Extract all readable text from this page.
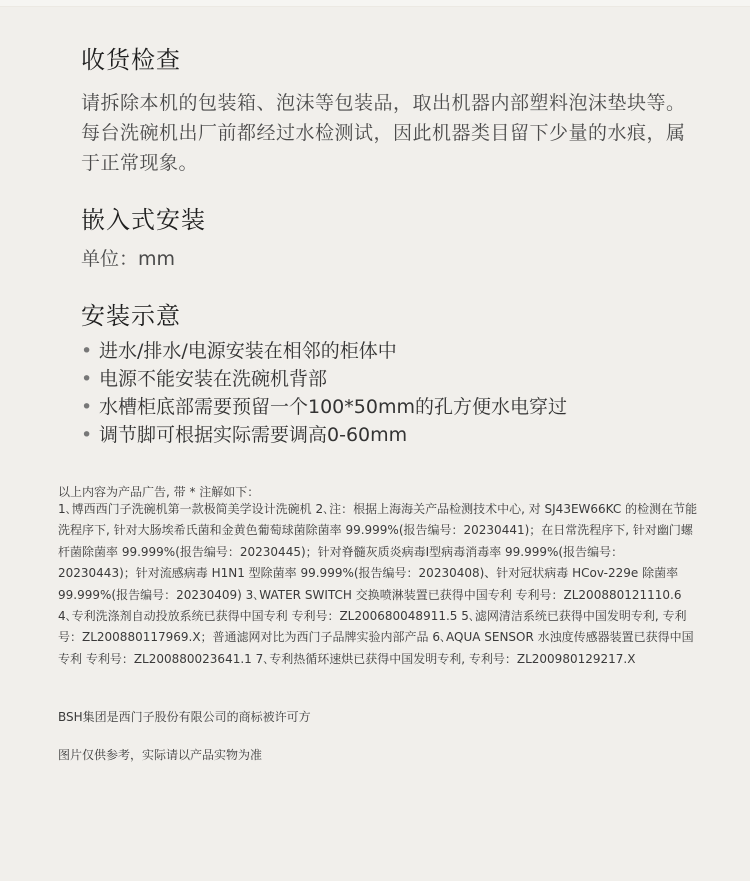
收货检查
请拆除本机的包装箱、泡沫等包装品，取出机器内部塑料泡沫垫块等。每台洗碗机出厂前都经过水检测试，因此机器类目留下少量的水痕，属于正常现象。
嵌入式安装
单位：mm
安装示意
• 进水/排水/电源安装在相邻的柜体中
• 电源不能安装在洗碗机背部
• 水槽柜底部需要预留一个100*50mm的孔方便水电穿过
• 调节脚可根据实际需要调高0-60mm
以上内容为产品广告, 带 * 注解如下：
1､博西西门子洗碗机第一款极简美学设计洗碗机 2､注：根据上海海关产品检测技术中心, 对 SJ43EW66KC 的检测在节能洗程序下, 针对大肠埃希氏菌和金黄色葡萄球菌除菌率 99.999%(报告编号：20230441)；在日常洗程序下, 针对幽门螺杆菌除菌率 99.999%(报告编号：20230445)；针对脊髓灰质炎病毒I型病毒消毒率 99.999%(报告编号：20230443)；针对流感病毒 H1N1 型除菌率 99.999%(报告编号：20230408)、针对冠状病毒 HCov-229e 除菌率 99.999%(报告编号：20230409) 3､WATER SWITCH 交换喷淋装置已获得中国专利 专利号：ZL200880121110.6 4､专利洗涤剂自动投放系统已获得中国专利 专利号：ZL200680048911.5 5､滤网清洁系统已获得中国发明专利, 专利号：ZL200880117969.X；普通滤网对比为西门子品牌实验内部产品 6､AQUA SENSOR 水浊度传感器装置已获得中国专利 专利号：ZL200880023641.1 7､专利热循环速烘已获得中国发明专利, 专利号：ZL200980129217.X
BSH集团是西门子股份有限公司的商标被许可方
图片仅供参考，实际请以产品实物为准
